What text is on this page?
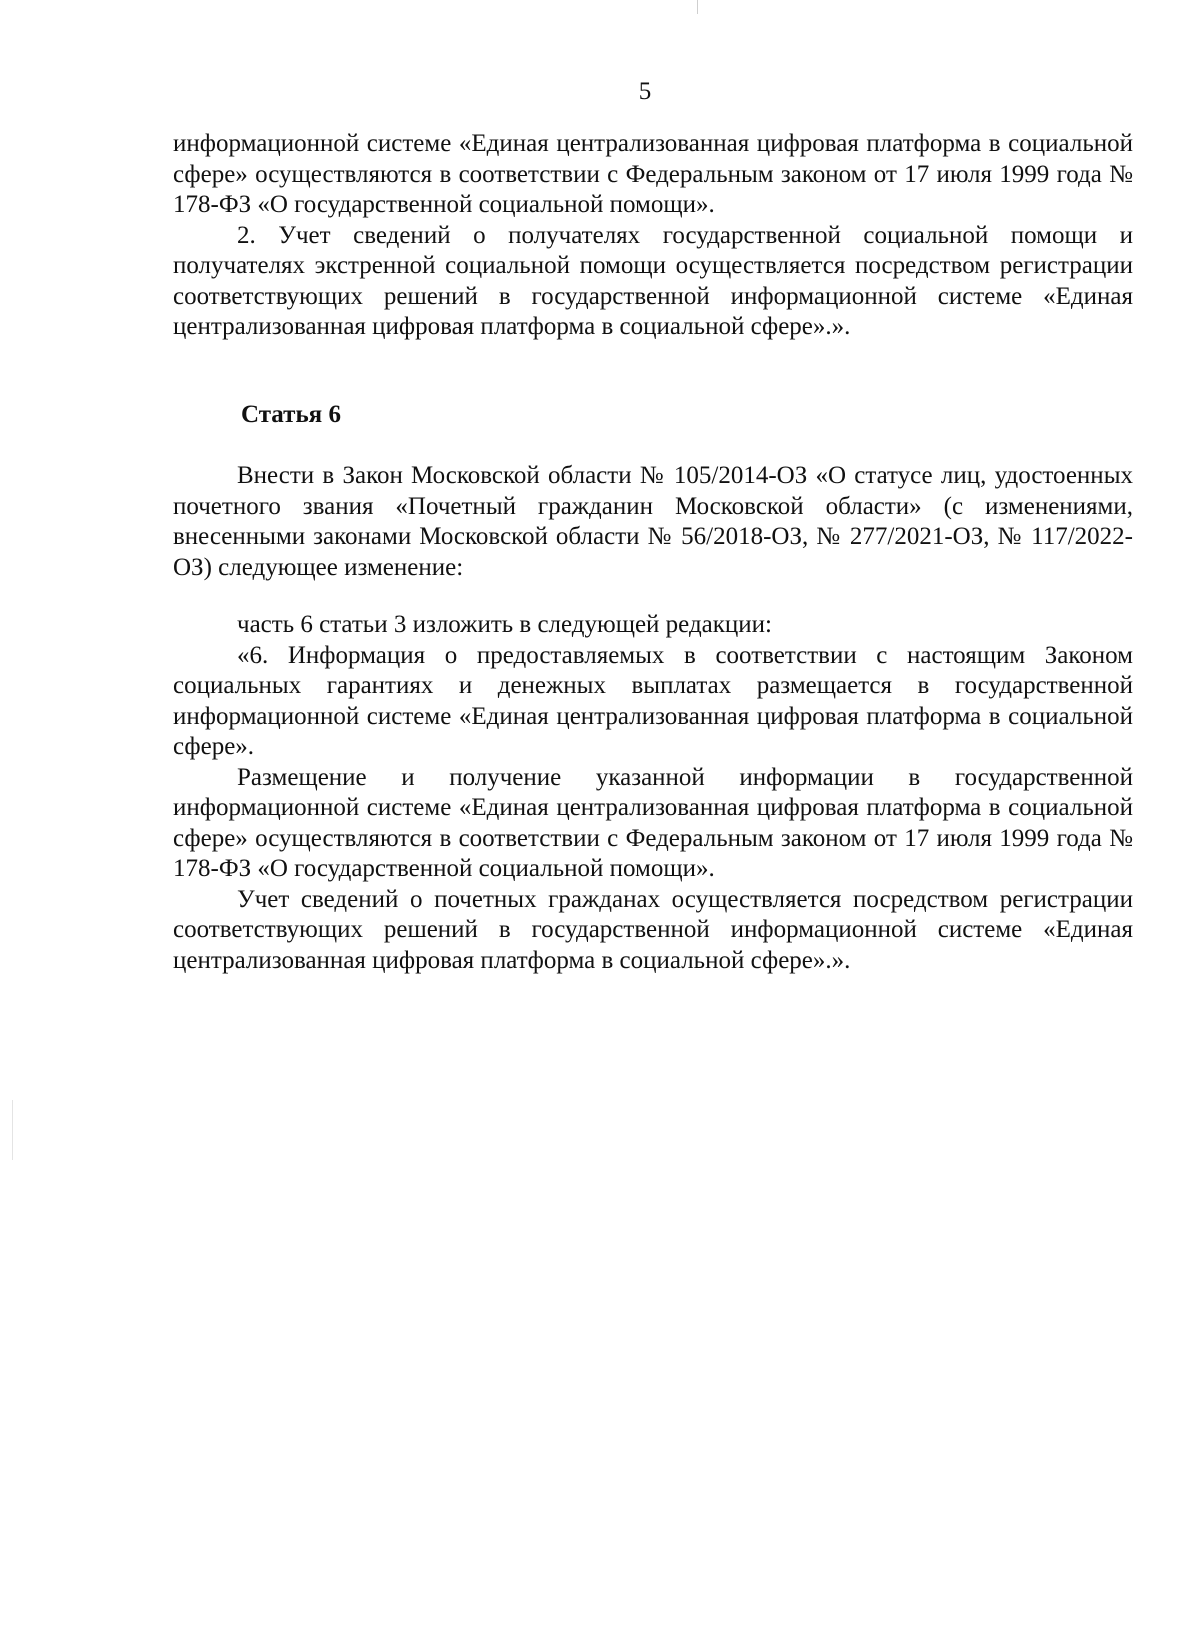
5

информационной системе «Единая централизованная цифровая платформа в социальной сфере» осуществляются в соответствии с Федеральным законом от 17 июля 1999 года № 178-ФЗ «О государственной социальной помощи».

2. Учет сведений о получателях государственной социальной помощи и получателях экстренной социальной помощи осуществляется посредством регистрации соответствующих решений в государственной информационной системе «Единая централизованная цифровая платформа в социальной сфере».».

Статья 6

Внести в Закон Московской области № 105/2014-ОЗ «О статусе лиц, удостоенных почетного звания «Почетный гражданин Московской области» (с изменениями, внесенными законами Московской области № 56/2018-ОЗ, № 277/2021-ОЗ, № 117/2022-ОЗ) следующее изменение:

часть 6 статьи 3 изложить в следующей редакции:

«6. Информация о предоставляемых в соответствии с настоящим Законом социальных гарантиях и денежных выплатах размещается в государственной информационной системе «Единая централизованная цифровая платформа в социальной сфере».

Размещение и получение указанной информации в государственной информационной системе «Единая централизованная цифровая платформа в социальной сфере» осуществляются в соответствии с Федеральным законом от 17 июля 1999 года № 178-ФЗ «О государственной социальной помощи».

Учет сведений о почетных гражданах осуществляется посредством регистрации соответствующих решений в государственной информационной системе «Единая централизованная цифровая платформа в социальной сфере».».
